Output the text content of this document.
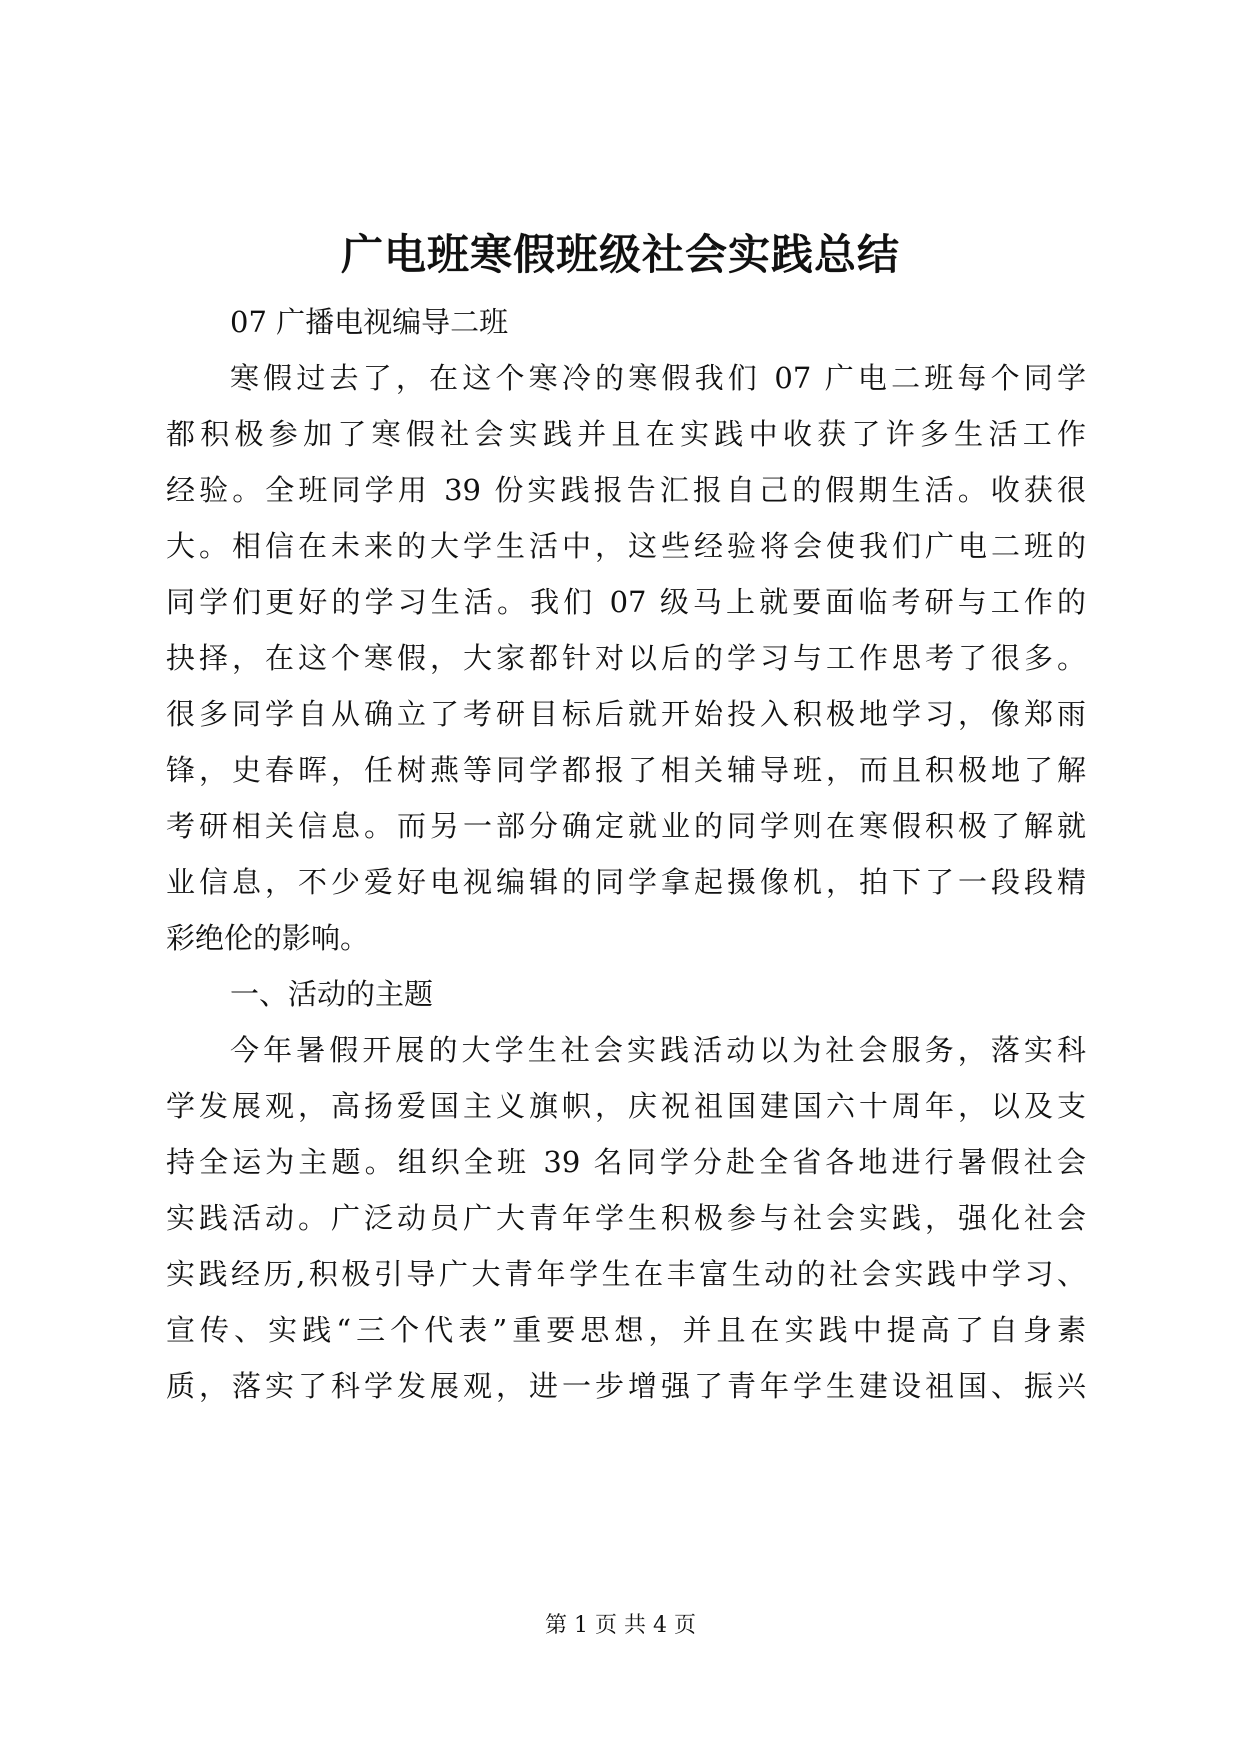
广电班寒假班级社会实践总结

07 广播电视编导二班

寒假过去了，在这个寒冷的寒假我们 07 广电二班每个同学

都积极参加了寒假社会实践并且在实践中收获了许多生活工作

经验。全班同学用 39 份实践报告汇报自己的假期生活。收获很

大。相信在未来的大学生活中，这些经验将会使我们广电二班的

同学们更好的学习生活。我们 07 级马上就要面临考研与工作的

抉择，在这个寒假，大家都针对以后的学习与工作思考了很多。

很多同学自从确立了考研目标后就开始投入积极地学习，像郑雨

锋，史春晖，任树燕等同学都报了相关辅导班，而且积极地了解

考研相关信息。而另一部分确定就业的同学则在寒假积极了解就

业信息，不少爱好电视编辑的同学拿起摄像机，拍下了一段段精

彩绝伦的影响。

一、活动的主题

今年暑假开展的大学生社会实践活动以为社会服务，落实科

学发展观，高扬爱国主义旗帜，庆祝祖国建国六十周年，以及支

持全运为主题。组织全班 39 名同学分赴全省各地进行暑假社会

实践活动。广泛动员广大青年学生积极参与社会实践，强化社会

实践经历,积极引导广大青年学生在丰富生动的社会实践中学习、

宣传、实践“三个代表”重要思想，并且在实践中提高了自身素

质，落实了科学发展观，进一步增强了青年学生建设祖国、振兴

第 1 页 共 4 页
